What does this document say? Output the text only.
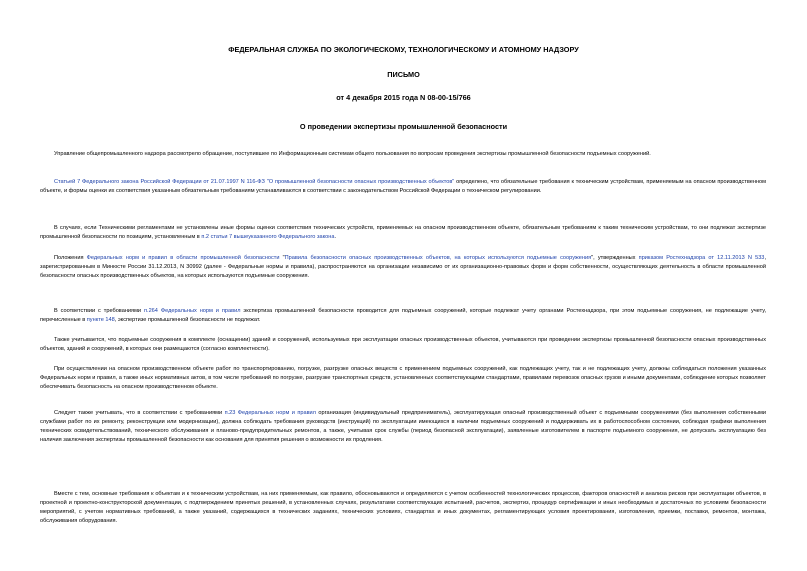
ФЕДЕРАЛЬНАЯ СЛУЖБА ПО ЭКОЛОГИЧЕСКОМУ, ТЕХНОЛОГИЧЕСКОМУ И АТОМНОМУ НАДЗОРУ
ПИСЬМО
от 4 декабря 2015 года N 08-00-15/766
О проведении экспертизы промышленной безопасности

Управление общепромышленного надзора рассмотрело обращение, поступившее по Информационным системам общего пользования по вопросам проведения экспертизы промышленной безопасности подъемных сооружений.

Статьей 7 Федерального закона Российской Федерации от 21.07.1997 N 116-ФЗ "О промышленной безопасности опасных производственных объектов" определено, что обязательные требования к техническим устройствам, применяемым на опасном производственном объекте, и формы оценки их соответствия указанным обязательным требованиям устанавливаются в соответствии с законодательством Российской Федерации о техническом регулировании.

В случаях, если Техническими регламентами не установлены иные формы оценки соответствия технических устройств, применяемых на опасном производственном объекте, обязательным требованиям к таким техническим устройствам, то они подлежат экспертизе промышленной безопасности по позициям, установленным в п.2 статьи 7 вышеуказанного Федерального закона.

Положения Федеральных норм и правил в области промышленной безопасности "Правила безопасности опасных производственных объектов, на которых используются подъемные сооружения", утвержденных приказом Ростехнадзора от 12.11.2013 N 533, зарегистрированным в Минюсте России 31.12.2013, N 30992 (далее - Федеральные нормы и правила), распространяются на организации независимо от их организационно-правовых форм и форм собственности, осуществляющих деятельность в области промышленной безопасности опасных производственных объектов, на которых используются подъемные сооружения.

В соответствии с требованиями п.264 Федеральных норм и правил экспертиза промышленной безопасности проводится для подъемных сооружений, которые подлежат учету органами Ростехнадзора, при этом подъемные сооружения, не подлежащие учету, перечисленные в пункте 148, экспертизе промышленной безопасности не подлежат.

Также учитывается, что подъемные сооружения в комплекте (оснащении) зданий и сооружений, используемых при эксплуатации опасных производственных объектов, учитываются при проведении экспертизы промышленной безопасности опасных производственных объектов, зданий и сооружений, в которых они размещаются (согласно комплектности).

При осуществлении на опасном производственном объекте работ по транспортированию, погрузке, разгрузке опасных веществ с применением подъемных сооружений, как подлежащих учету, так и не подлежащих учету, должны соблюдаться положения указанных Федеральных норм и правил, а также иных нормативных актов, в том числе требований по погрузке, разгрузке транспортных средств, установленных соответствующими стандартами, правилами перевозок опасных грузов и иными документами, соблюдение которых позволяет обеспечивать безопасность на опасном производственном объекте.

Следует также учитывать, что в соответствии с требованиями п.23 Федеральных норм и правил организация (индивидуальный предприниматель), эксплуатирующая опасный производственный объект с подъемными сооружениями (без выполнения собственными службами работ по их ремонту, реконструкции или модернизации), должна соблюдать требования руководств (инструкций) по эксплуатации имеющихся в наличии подъемных сооружений и поддерживать их в работоспособном состоянии, соблюдая графики выполнения технических освидетельствований, технического обслуживания и планово-предупредительных ремонтов, а также, учитывая срок службы (период безопасной эксплуатации), заявленные изготовителем в паспорте подъемного сооружения, не допускать эксплуатацию без наличия заключения экспертизы промышленной безопасности как основания для принятия решения о возможности их продления.

Вместе с тем, основные требования к объектам и к техническим устройствам, на них применяемым, как правило, обосновываются и определяются с учетом особенностей технологических процессов, факторов опасностей и анализа рисков при эксплуатации объектов, в проектной и проектно-конструкторской документации, с подтверждением принятых решений, в установленных случаях, результатами соответствующих испытаний, расчетов, экспертиз, процедур сертификации и иных необходимых и достаточных по условиям безопасности мероприятий, с учетом нормативных требований, а также указаний, содержащихся в технических заданиях, технических условиях, стандартах и иных документах, регламентирующих условия проектирования, изготовления, приемки, поставки, ремонтов, монтажа, обслуживания оборудования.
